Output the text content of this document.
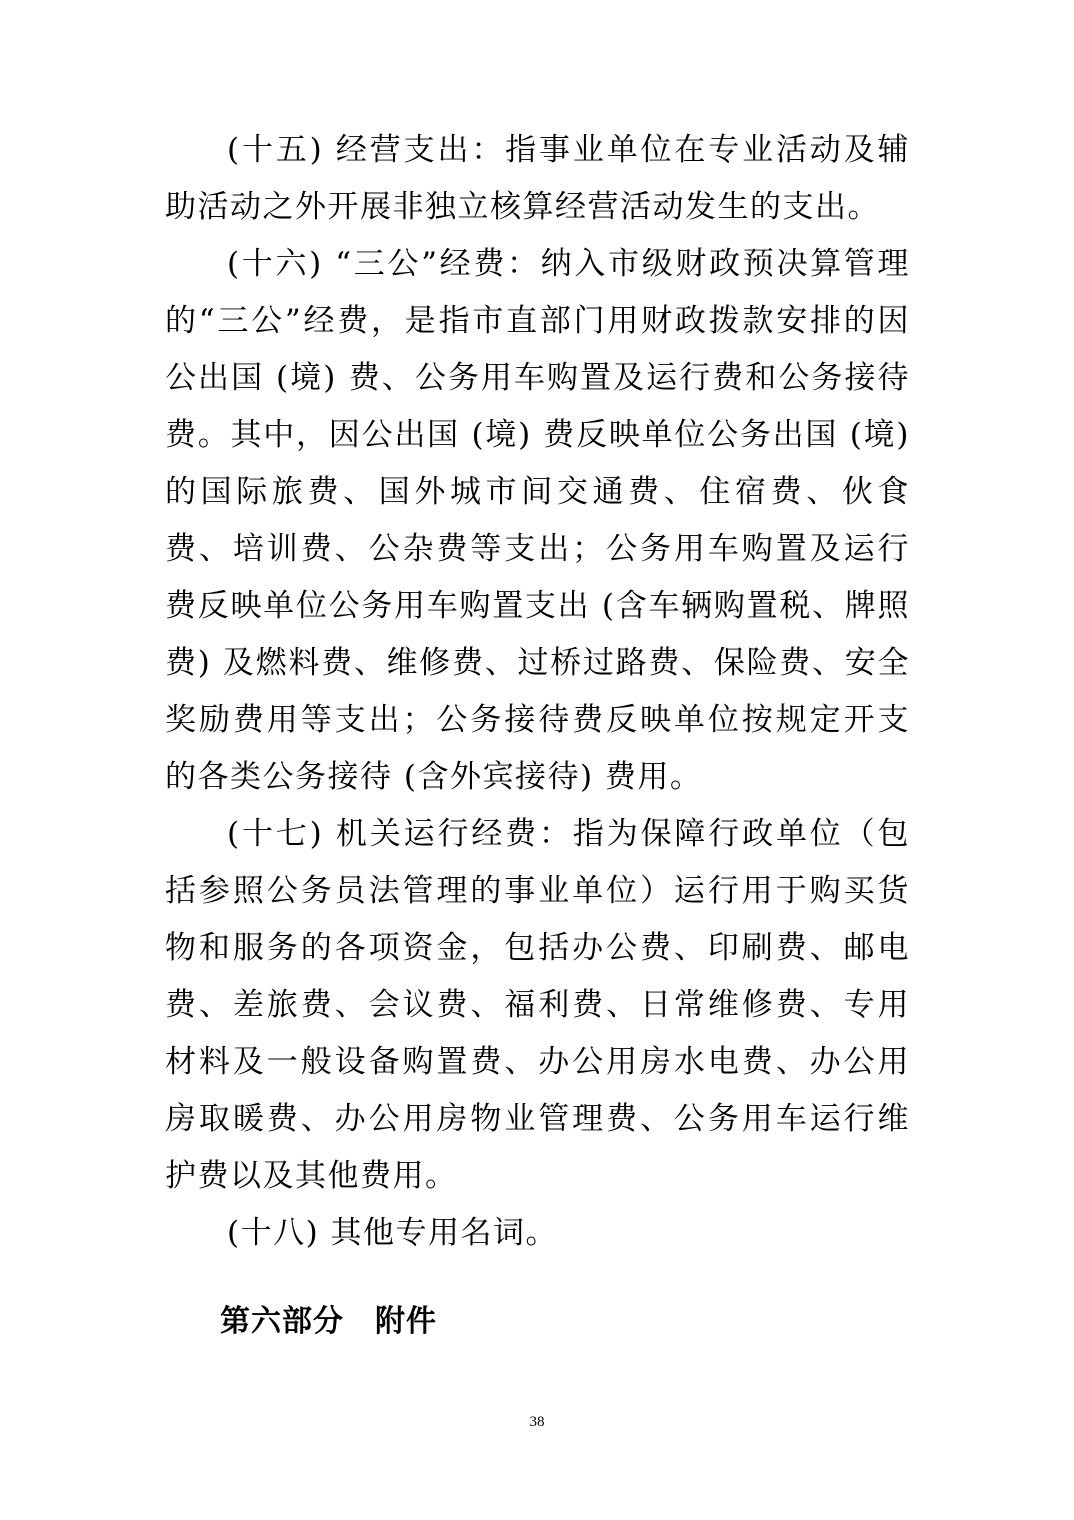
(十五) 经营支出：指事业单位在专业活动及辅助活动之外开展非独立核算经营活动发生的支出。

(十六) “三公”经费：纳入市级财政预决算管理的“三公”经费，是指市直部门用财政拨款安排的因公出国 (境) 费、公务用车购置及运行费和公务接待费。其中，因公出国 (境) 费反映单位公务出国 (境) 的国际旅费、国外城市间交通费、住宿费、伙食费、培训费、公杂费等支出；公务用车购置及运行费反映单位公务用车购置支出 (含车辆购置税、牌照费) 及燃料费、维修费、过桥过路费、保险费、安全奖励费用等支出；公务接待费反映单位按规定开支的各类公务接待 (含外宾接待) 费用。

(十七) 机关运行经费：指为保障行政单位（包括参照公务员法管理的事业单位）运行用于购买货物和服务的各项资金，包括办公费、印刷费、邮电费、差旅费、会议费、福利费、日常维修费、专用材料及一般设备购置费、办公用房水电费、办公用房取暖费、办公用房物业管理费、公务用车运行维护费以及其他费用。

(十八) 其他专用名词。

第六部分　附件
38
